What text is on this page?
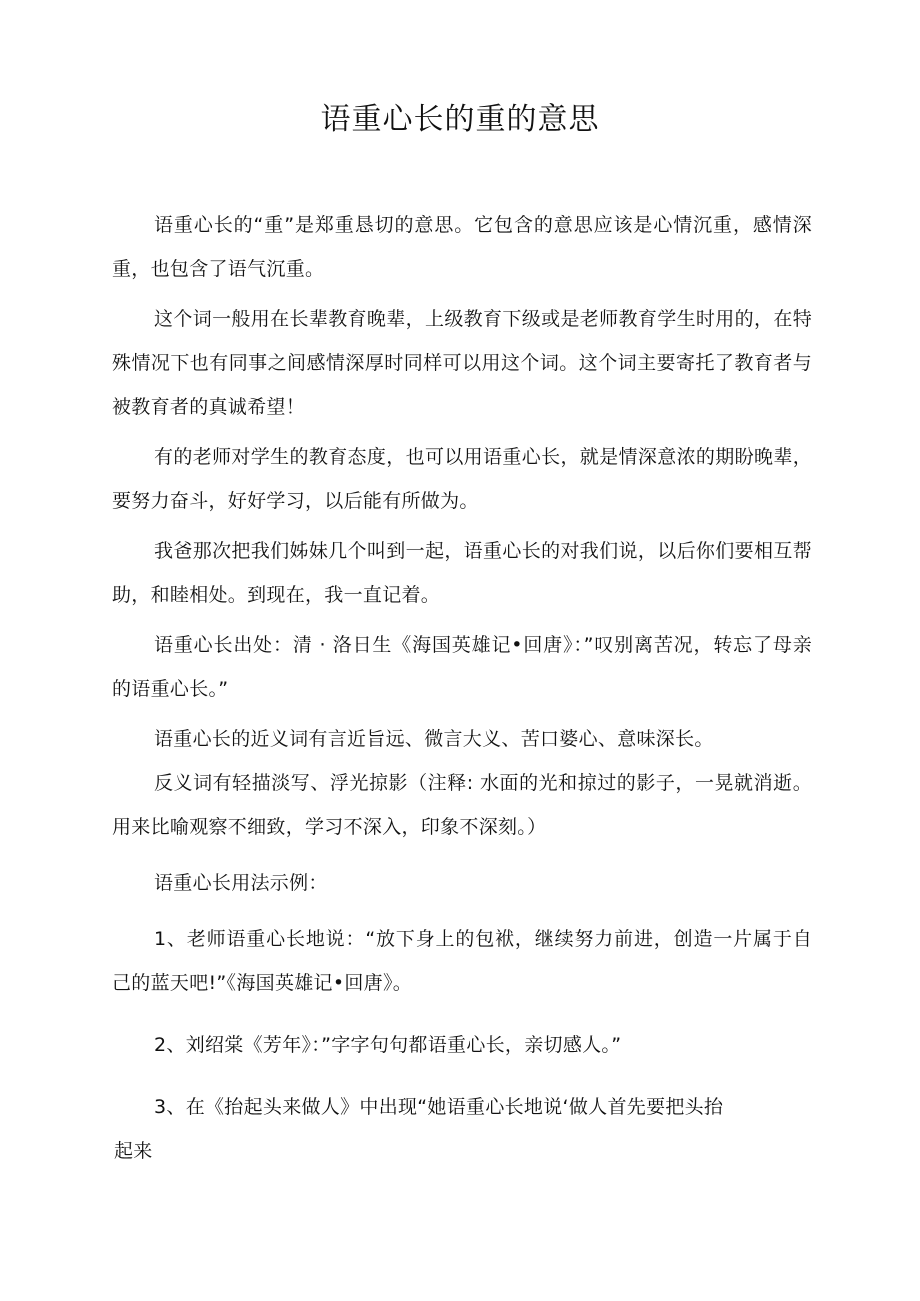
语重心长的重的意思

语重心长的“重”是郑重恳切的意思。它包含的意思应该是心情沉重，感情深重，也包含了语气沉重。

这个词一般用在长辈教育晚辈，上级教育下级或是老师教育学生时用的，在特殊情况下也有同事之间感情深厚时同样可以用这个词。这个词主要寄托了教育者与被教育者的真诚希望！

有的老师对学生的教育态度，也可以用语重心长，就是情深意浓的期盼晚辈，要努力奋斗，好好学习，以后能有所做为。

我爸那次把我们姊妹几个叫到一起，语重心长的对我们说，以后你们要相互帮助，和睦相处。到现在，我一直记着。

语重心长出处：清 · 洛日生《海国英雄记•回唐》：”叹别离苦况，转忘了母亲的语重心长。”

语重心长的近义词有言近旨远、微言大义、苦口婆心、意味深长。

反义词有轻描淡写、浮光掠影（注释: 水面的光和掠过的影子，一晃就消逝。用来比喻观察不细致，学习不深入，印象不深刻。）

语重心长用法示例：

1、老师语重心长地说：“放下身上的包袱，继续努力前进，创造一片属于自己的蓝天吧!”《海国英雄记•回唐》。

2、刘绍棠《芳年》：”字字句句都语重心长，亲切感人。”

3、在《抬起头来做人》中出现“她语重心长地说‘做人首先要把头抬

起来
